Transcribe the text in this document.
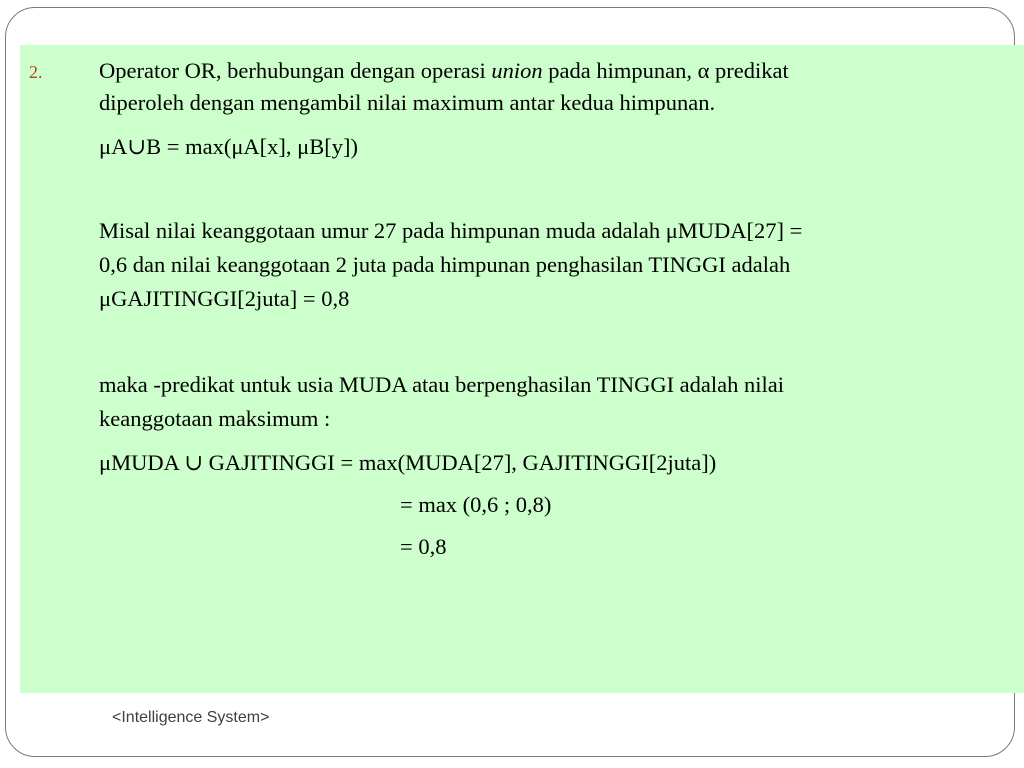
2.	Operator OR, berhubungan dengan operasi union pada himpunan, α predikat
diperoleh dengan mengambil nilai maximum antar kedua himpunan.
μA∪B = max(μA[x], μB[y])
Misal nilai keanggotaan umur 27 pada himpunan muda adalah μMUDA[27] =
0,6 dan nilai keanggotaan 2 juta pada himpunan penghasilan TINGGI adalah
μGAJITINGGI[2juta] = 0,8
maka -predikat untuk usia MUDA atau berpenghasilan TINGGI adalah nilai
keanggotaan maksimum :
μMUDA ∪ GAJITINGGI = max(MUDA[27], GAJITINGGI[2juta])
= max (0,6 ; 0,8)
= 0,8
<Intelligence System>
